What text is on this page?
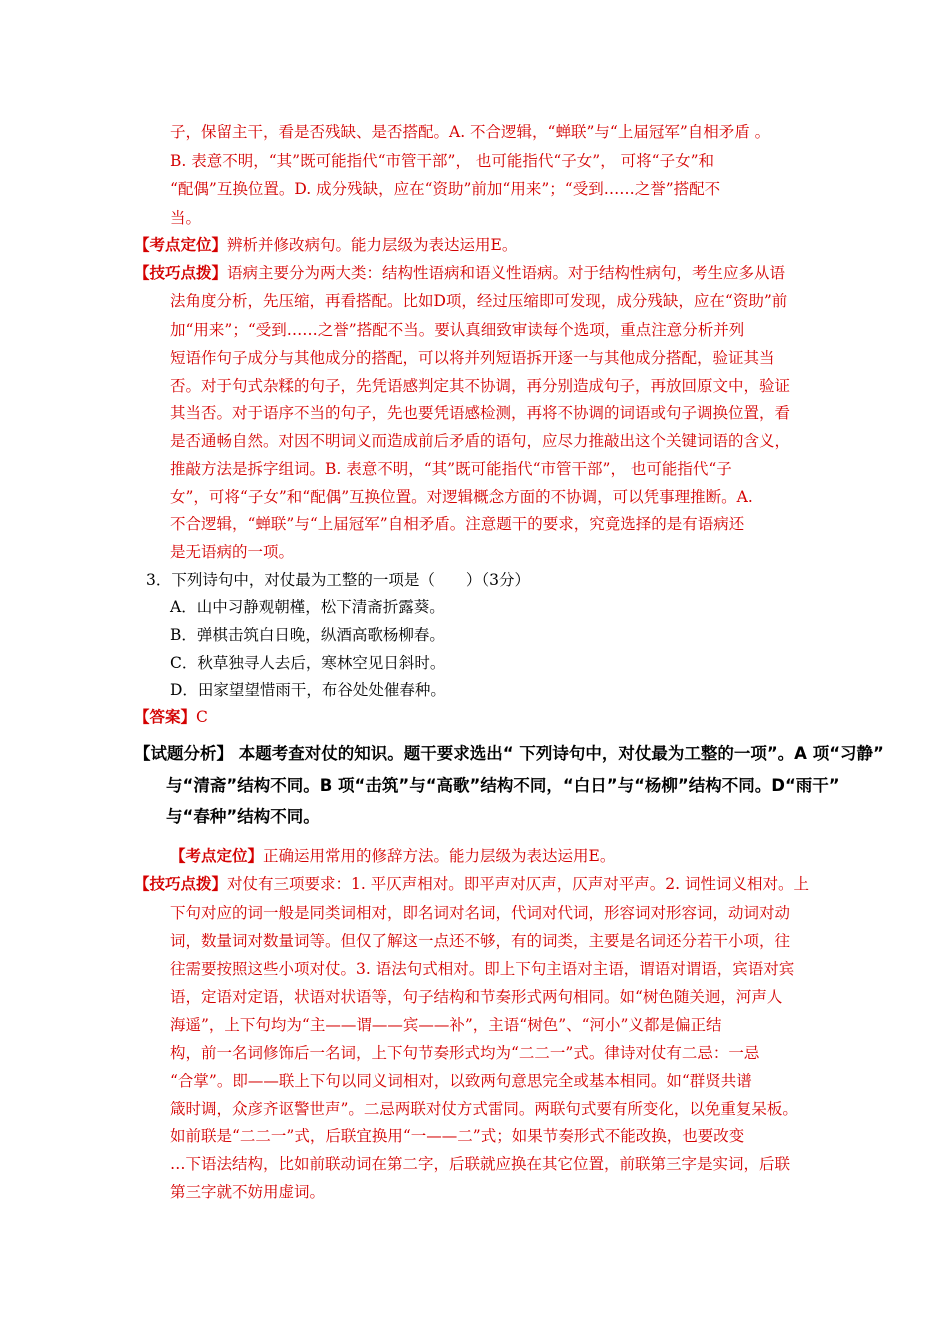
子，保留主干，看是否残缺、是否搭配。A. 不合逻辑，“蝉联”与“上届冠军”自相矛盾 。
B. 表意不明，“其”既可能指代“市管干部”， 也可能指代“子女”， 可将“子女”和
“配偶”互换位置。D. 成分残缺，应在“资助”前加“用来”；“受到……之誉”搭配不
当。
【考点定位】辨析并修改病句。能力层级为表达运用E。
【技巧点拨】语病主要分为两大类：结构性语病和语义性语病。对于结构性病句，考生应多从语
法角度分析，先压缩，再看搭配。比如D项，经过压缩即可发现，成分残缺，应在“资助”前
加“用来”；“受到……之誉”搭配不当。要认真细致审读每个选项，重点注意分析并列
短语作句子成分与其他成分的搭配，可以将并列短语拆开逐一与其他成分搭配，验证其当
否。对于句式杂糅的句子，先凭语感判定其不协调，再分别造成句子，再放回原文中，验证
其当否。对于语序不当的句子，先也要凭语感检测，再将不协调的词语或句子调换位置，看
是否通畅自然。对因不明词义而造成前后矛盾的语句，应尽力推敲出这个关键词语的含义，
推敲方法是拆字组词。B. 表意不明，“其”既可能指代“市管干部”， 也可能指代“子
女”，可将“子女”和“配偶”互换位置。对逻辑概念方面的不协调，可以凭事理推断。A.
不合逻辑，“蝉联”与“上届冠军”自相矛盾。注意题干的要求，究竟选择的是有语病还
是无语病的一项。
3．下列诗句中，对仗最为工整的一项是（　　）（3分）
A．山中习静观朝槿，松下清斋折露葵。
B．弹棋击筑白日晚，纵酒高歌杨柳春。
C．秋草独寻人去后，寒林空见日斜时。
D．田家望望惜雨干，布谷处处催春种。
【答案】C
【试题分析】 本题考查对仗的知识。题干要求选出“ 下列诗句中，对仗最为工整的一项”。A 项“习静”
与“清斋”结构不同。B 项“击筑”与“高歌”结构不同，“白日”与“杨柳”结构不同。D“雨干”
与“春种”结构不同。
【考点定位】正确运用常用的修辞方法。能力层级为表达运用E。
【技巧点拨】对仗有三项要求：1. 平仄声相对。即平声对仄声，仄声对平声。2. 词性词义相对。上
下句对应的词一般是同类词相对，即名词对名词，代词对代词，形容词对形容词，动词对动
词，数量词对数量词等。但仅了解这一点还不够，有的词类，主要是名词还分若干小项，往
往需要按照这些小项对仗。3. 语法句式相对。即上下句主语对主语，谓语对谓语，宾语对宾
语，定语对定语，状语对状语等，句子结构和节奏形式两句相同。如“树色随关迥，河声人
海遥”，上下句均为“主——谓——宾——补”，主语“树色”、“河小”义都是偏正结
构，前一名词修饰后一名词，上下句节奏形式均为“二二一”式。律诗对仗有二忌：一忌
“合掌”。即——联上下句以同义词相对，以致两句意思完全或基本相同。如“群贤共谱
箴时调，众彦齐讴警世声”。二忌两联对仗方式雷同。两联句式要有所变化，以免重复呆板。
如前联是“二二一”式，后联宜换用“一——二”式；如果节奏形式不能改换，也要改变
…下语法结构，比如前联动词在第二字，后联就应换在其它位置，前联第三字是实词，后联
第三字就不妨用虚词。
